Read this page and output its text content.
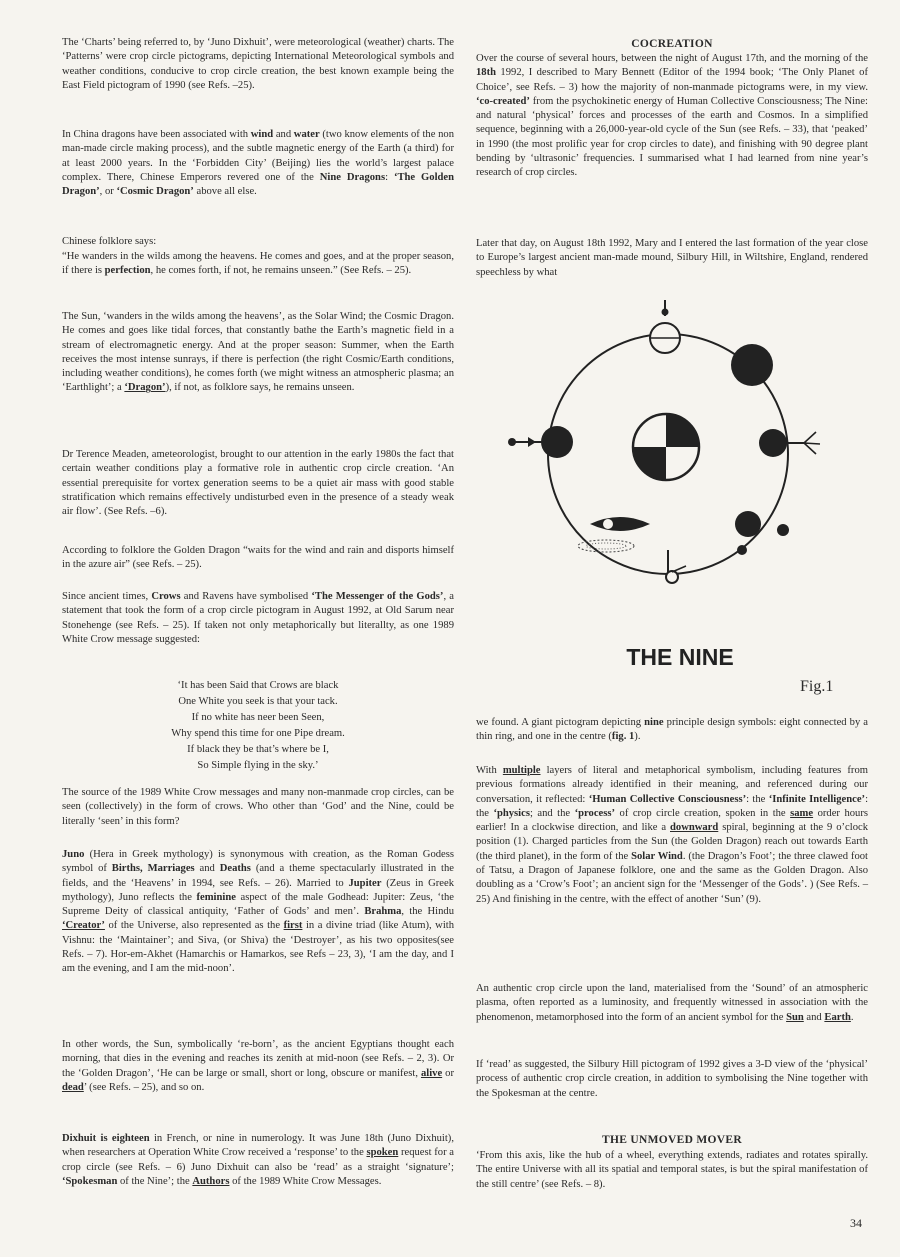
The ‘Charts’ being referred to, by ‘Juno Dixhuit’, were meteorological (weather) charts. The ‘Patterns’ were crop circle pictograms, depicting International Meteorological symbols and weather conditions, conducive to crop circle creation, the best known example being the East Field pictogram of 1990 (see Refs. –25).

In China dragons have been associated with wind and water (two know elements of the non man-made circle making process), and the subtle magnetic energy of the Earth (a third) for at least 2000 years. In the ‘Forbidden City’ (Beijing) lies the world’s largest palace complex. There, Chinese Emperors revered one of the Nine Dragons: ‘The Golden Dragon’, or ‘Cosmic Dragon’ above all else.

Chinese folklore says:

“He wanders in the wilds among the heavens. He comes and goes, and at the proper season, if there is perfection, he comes forth, if not, he remains unseen.” (See Refs. – 25).

The Sun, ‘wanders in the wilds among the heavens’, as the Solar Wind; the Cosmic Dragon. He comes and goes like tidal forces, that constantly bathe the Earth’s magnetic field in a stream of electromagnetic energy. And at the proper season: Summer, when the Earth receives the most intense sunrays, if there is perfection (the right Cosmic/Earth conditions, including weather conditions), he comes forth (we might witness an atmospheric plasma; an ‘Earthlight’; a ‘Dragon’), if not, as folklore says, he remains unseen.

Dr Terence Meaden, ameteorologist, brought to our attention in the early 1980s the fact that certain weather conditions play a formative role in authentic crop circle creation. ‘An essential prerequisite for vortex generation seems to be a quiet air mass with good stable stratification which remains effectively undisturbed even in the presence of a steady weak air flow’. (See Refs. –6).

According to folklore the Golden Dragon “waits for the wind and rain and disports himself in the azure air” (see Refs. – 25).

Since ancient times, Crows and Ravens have symbolised ‘The Messenger of the Gods’, a statement that took the form of a crop circle pictogram in August 1992, at Old Sarum near Stonehenge (see Refs. – 25). If taken not only metaphorically but literallty, as one 1989 White Crow message suggested:

‘It has been Said that Crows are black
One White you seek is that your tack.
If no white has neer been Seen,
Why spend this time for one Pipe dream.
If black they be that’s where be I,
So Simple flying in the sky.’

The source of the 1989 White Crow messages and many non-manmade crop circles, can be seen (collectively) in the form of crows. Who other than ‘God’ and the Nine, could be literally ‘seen’ in this form?

Juno (Hera in Greek mythology) is synonymous with creation, as the Roman Godess symbol of Births, Marriages and Deaths (and a theme spectacularly illustrated in the fields, and the ‘Heavens’ in 1994, see Refs. – 26). Married to Jupiter (Zeus in Greek mythology), Juno reflects the feminine aspect of the male Godhead: Jupiter: Zeus, ‘the Supreme Deity of classical antiquity, ‘Father of Gods’ and men’. Brahma, the Hindu ‘Creator’ of the Universe, also represented as the first in a divine triad (like Atum), with Vishnu: the ‘Maintainer’; and Siva, (or Shiva) the ‘Destroyer’, as his two opposites(see Refs. – 7). Hor-em-Akhet (Hamarchis or Hamarkos, see Refs – 23, 3), ‘I am the day, and I am the evening, and I am the mid-noon’.

In other words, the Sun, symbolically ‘re-born’, as the ancient Egyptians thought each morning, that dies in the evening and reaches its zenith at mid-noon (see Refs. – 2, 3). Or the ‘Golden Dragon’, ‘He can be large or small, short or long, obscure or manifest, alive or dead’ (see Refs. – 25), and so on.

Dixhuit is eighteen in French, or nine in numerology. It was June 18th (Juno Dixhuit), when researchers at Operation White Crow received a ‘response’ to the spoken request for a crop circle (see Refs. – 6) Juno Dixhuit can also be ‘read’ as a straight ‘signature’; ‘Spokesman of the Nine’; the Authors of the 1989 White Crow Messages.

COCREATION

Over the course of several hours, between the night of August 17th, and the morning of the 18th 1992, I described to Mary Bennett (Editor of the 1994 book; ‘The Only Planet of Choice’, see Refs. – 3) how the majority of non-manmade pictograms were, in my view. ‘co-created’ from the psychokinetic energy of Human Collective Consciousness; The Nine: and natural ‘physical’ forces and processes of the earth and Cosmos. In a simplified sequence, beginning with a 26,000-year-old cycle of the Sun (see Refs. – 33), that ‘peaked’ in 1990 (the most prolific year for crop circles to date), and finishing with 90 degree plant bending by ‘ultrasonic’ frequencies. I summarised what I had learned from nine year’s research of crop circles.

Later that day, on August 18th 1992, Mary and I entered the last formation of the year close to Europe’s largest ancient man-made mound, Silbury Hill, in Wiltshire, England, rendered speechless by what

we found. A giant pictogram depicting nine principle design symbols: eight connected by a thin ring, and one in the centre (fig. 1).

With multiple layers of literal and metaphorical symbolism, including features from previous formations already identified in their meaning, and referenced during our conversation, it reflected: ‘Human Collective Consciousness’: the ‘Infinite Intelligence’: the ‘physics; and the ‘process’ of crop circle creation, spoken in the same order hours earlier! In a clockwise direction, and like a downward spiral, beginning at the 9 o’clock position (1). Charged particles from the Sun (the Golden Dragon) reach out towards Earth (the third planet), in the form of the Solar Wind. (the Dragon’s Foot’; the three clawed foot of Tatsu, a Dragon of Japanese folklore, one and the same as the Golden Dragon. Also doubling as a ‘Crow’s Foot’; an ancient sign for the ‘Messenger of the Gods’. ) (See Refs. – 25) And finishing in the centre, with the effect of another ‘Sun’ (9).

An authentic crop circle upon the land, materialised from the ‘Sound’ of an atmospheric plasma, often reported as a luminosity, and frequently witnessed in association with the phenomenon, metamorphosed into the form of an ancient symbol for the Sun and Earth.

If ‘read’ as suggested, the Silbury Hill pictogram of 1992 gives a 3-D view of the ‘physical’ process of authentic crop circle creation, in addition to symbolising the Nine together with the Spokesman at the centre.

THE UNMOVED MOVER

‘From this axis, like the hub of a wheel, everything extends, radiates and rotates spirally. The entire Universe with all its spatial and temporal states, is but the spiral manifestation of the still centre’ (see Refs. – 8).

THE NINE
Fig.1
34
